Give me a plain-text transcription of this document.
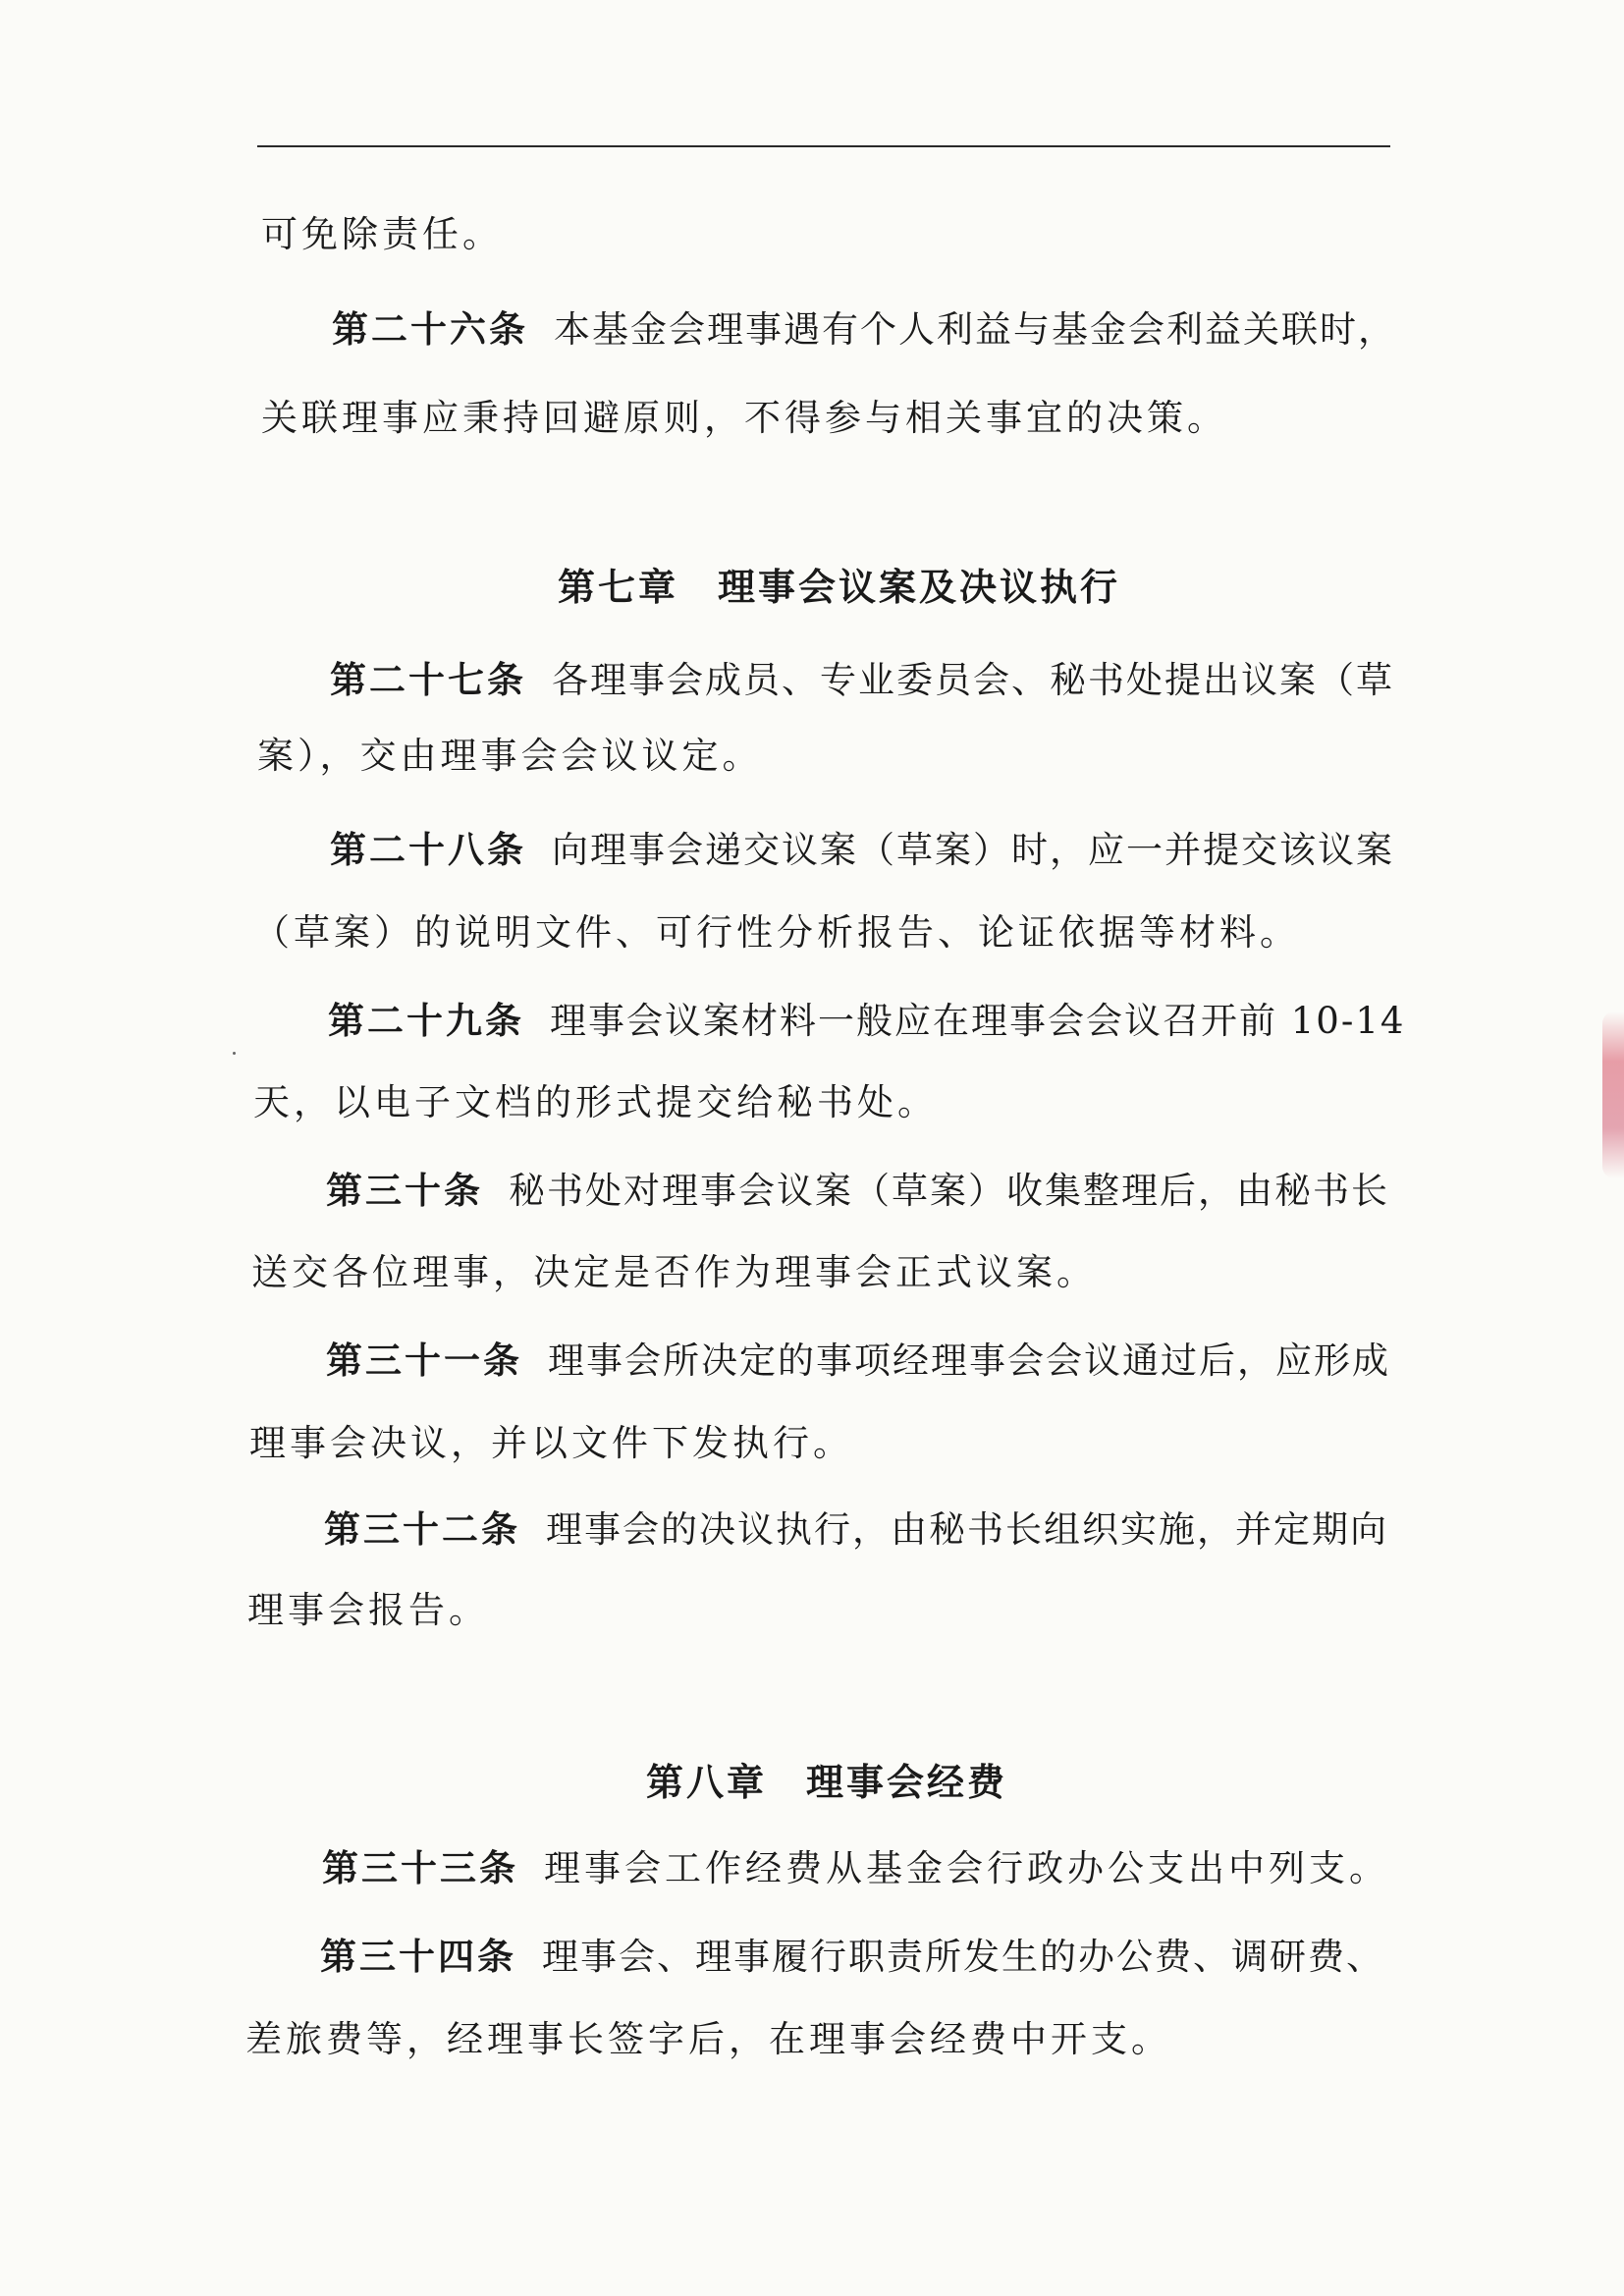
可免除责任。
第二十六条 本基金会理事遇有个人利益与基金会利益关联时，
关联理事应秉持回避原则，不得参与相关事宜的决策。
第七章 理事会议案及决议执行
第二十七条 各理事会成员、专业委员会、秘书处提出议案（草
案），交由理事会会议议定。
第二十八条 向理事会递交议案（草案）时，应一并提交该议案
（草案）的说明文件、可行性分析报告、论证依据等材料。
第二十九条 理事会议案材料一般应在理事会会议召开前 10-14
天，以电子文档的形式提交给秘书处。
第三十条 秘书处对理事会议案（草案）收集整理后，由秘书长
送交各位理事，决定是否作为理事会正式议案。
第三十一条 理事会所决定的事项经理事会会议通过后，应形成
理事会决议，并以文件下发执行。
第三十二条 理事会的决议执行，由秘书长组织实施，并定期向
理事会报告。
第八章 理事会经费
第三十三条 理事会工作经费从基金会行政办公支出中列支。
第三十四条 理事会、理事履行职责所发生的办公费、调研费、
差旅费等，经理事长签字后，在理事会经费中开支。
